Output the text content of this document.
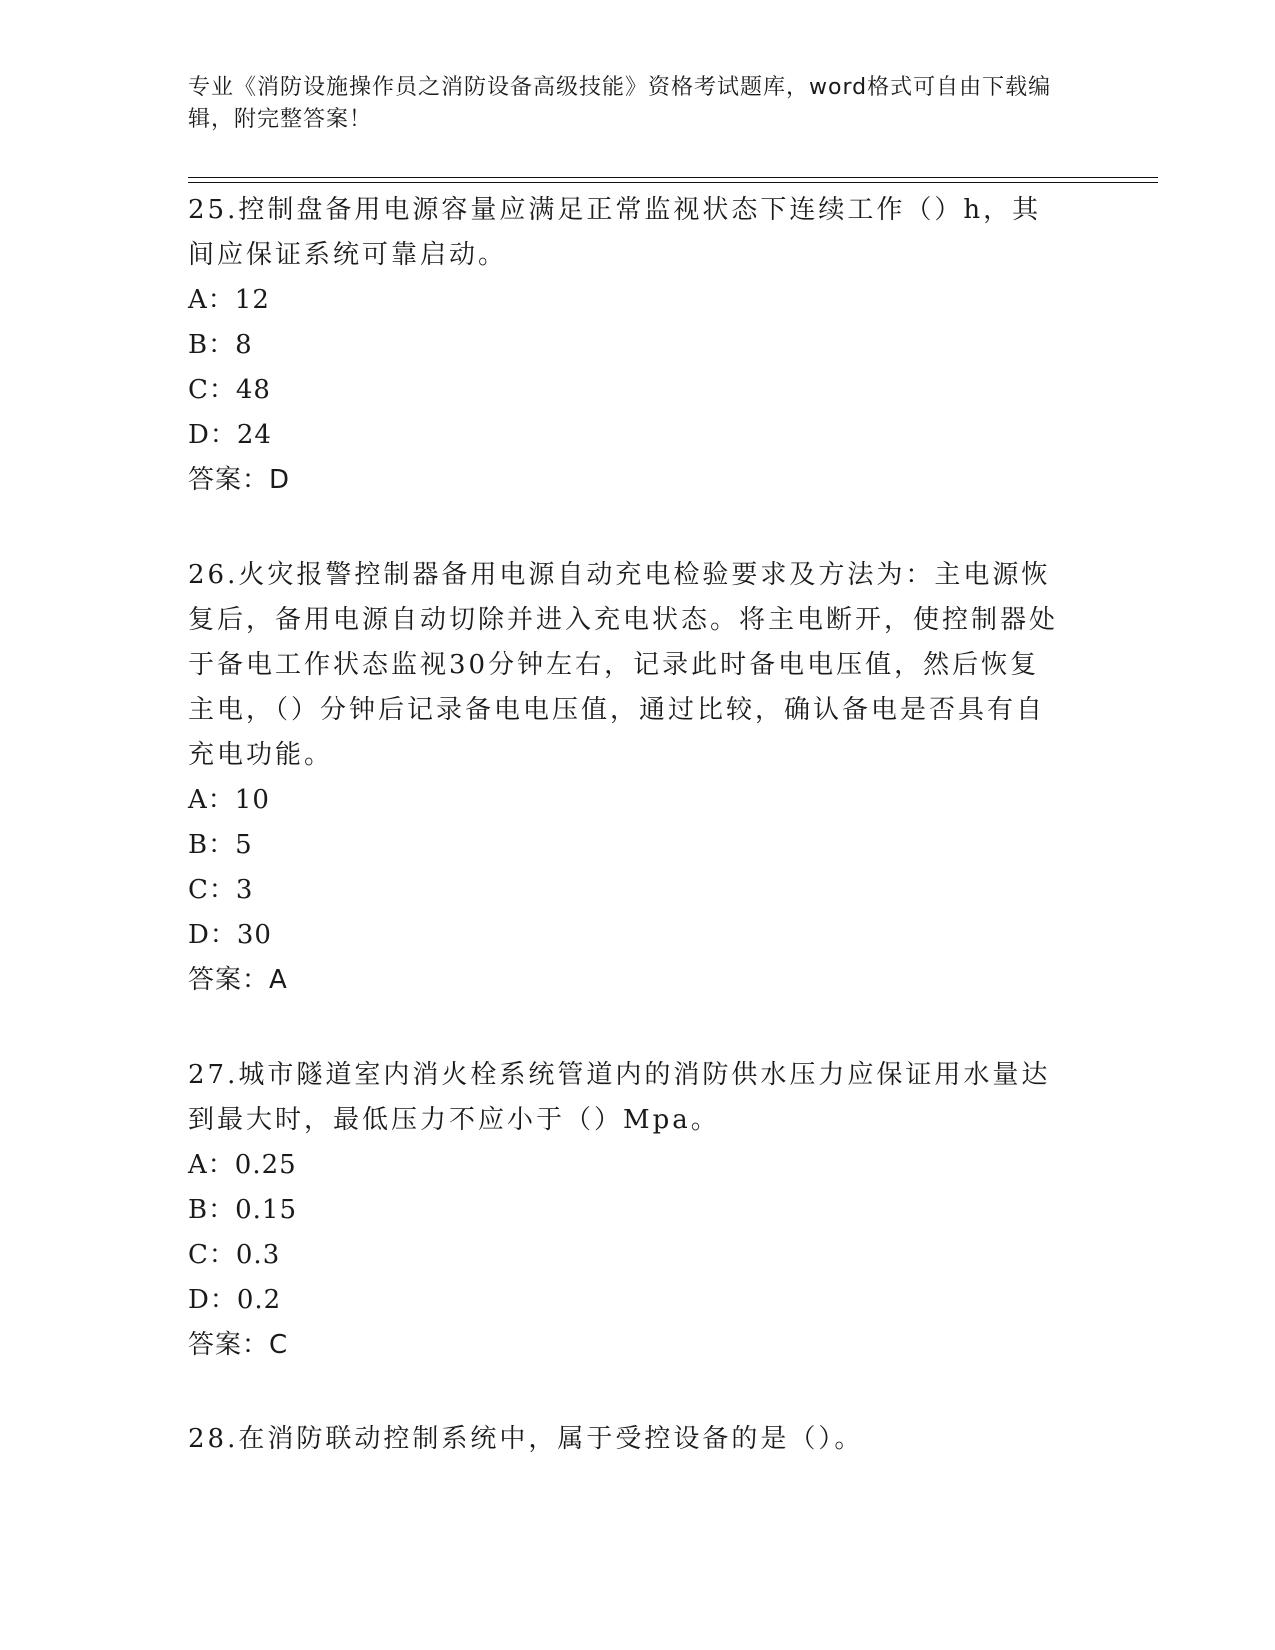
专业《消防设施操作员之消防设备高级技能》资格考试题库，word格式可自由下载编辑，附完整答案！

25.控制盘备用电源容量应满足正常监视状态下连续工作（）h，其间应保证系统可靠启动。

A：12

B：8

C：48

D：24

答案：D

26.火灾报警控制器备用电源自动充电检验要求及方法为：主电源恢复后，备用电源自动切除并进入充电状态。将主电断开，使控制器处于备电工作状态监视30分钟左右，记录此时备电电压值，然后恢复主电，（）分钟后记录备电电压值，通过比较，确认备电是否具有自充电功能。

A：10

B：5

C：3

D：30

答案：A

27.城市隧道室内消火栓系统管道内的消防供水压力应保证用水量达到最大时，最低压力不应小于（）Mpa。

A：0.25

B：0.15

C：0.3

D：0.2

答案：C

28.在消防联动控制系统中，属于受控设备的是（）。
